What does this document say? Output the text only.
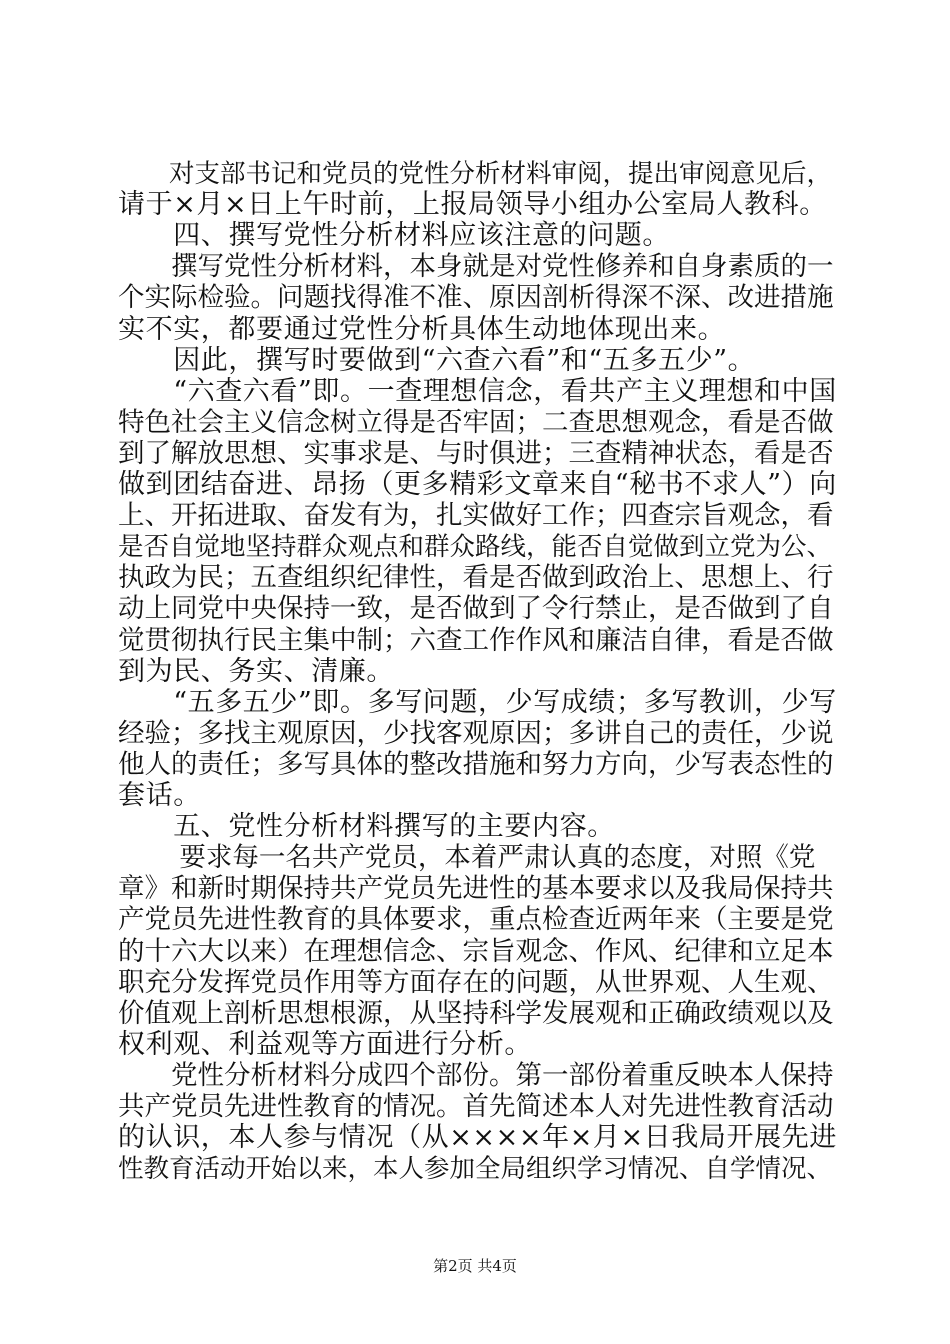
　　对支部书记和党员的党性分析材料审阅，提出审阅意见后，
请于×月×日上午时前，上报局领导小组办公室局人教科。
　　四、撰写党性分析材料应该注意的问题。
　　撰写党性分析材料，本身就是对党性修养和自身素质的一
个实际检验。问题找得准不准、原因剖析得深不深、改进措施
实不实，都要通过党性分析具体生动地体现出来。
　　因此，撰写时要做到“六查六看”和“五多五少”。
　　“六查六看”即。一查理想信念，看共产主义理想和中国
特色社会主义信念树立得是否牢固；二查思想观念，看是否做
到了解放思想、实事求是、与时俱进；三查精神状态，看是否
做到团结奋进、昂扬（更多精彩文章来自“秘书不求人”）向
上、开拓进取、奋发有为，扎实做好工作；四查宗旨观念，看
是否自觉地坚持群众观点和群众路线，能否自觉做到立党为公、
执政为民；五查组织纪律性，看是否做到政治上、思想上、行
动上同党中央保持一致，是否做到了令行禁止，是否做到了自
觉贯彻执行民主集中制；六查工作作风和廉洁自律，看是否做
到为民、务实、清廉。
　　“五多五少”即。多写问题，少写成绩；多写教训，少写
经验；多找主观原因，少找客观原因；多讲自己的责任，少说
他人的责任；多写具体的整改措施和努力方向，少写表态性的
套话。
　　五、党性分析材料撰写的主要内容。
　　 要求每一名共产党员，本着严肃认真的态度，对照《党
章》和新时期保持共产党员先进性的基本要求以及我局保持共
产党员先进性教育的具体要求，重点检查近两年来（主要是党
的十六大以来）在理想信念、宗旨观念、作风、纪律和立足本
职充分发挥党员作用等方面存在的问题，从世界观、人生观、
价值观上剖析思想根源，从坚持科学发展观和正确政绩观以及
权利观、利益观等方面进行分析。
　　党性分析材料分成四个部份。第一部份着重反映本人保持
共产党员先进性教育的情况。首先简述本人对先进性教育活动
的认识，本人参与情况（从××××年×月×日我局开展先进
性教育活动开始以来，本人参加全局组织学习情况、自学情况、
第2页 共4页
